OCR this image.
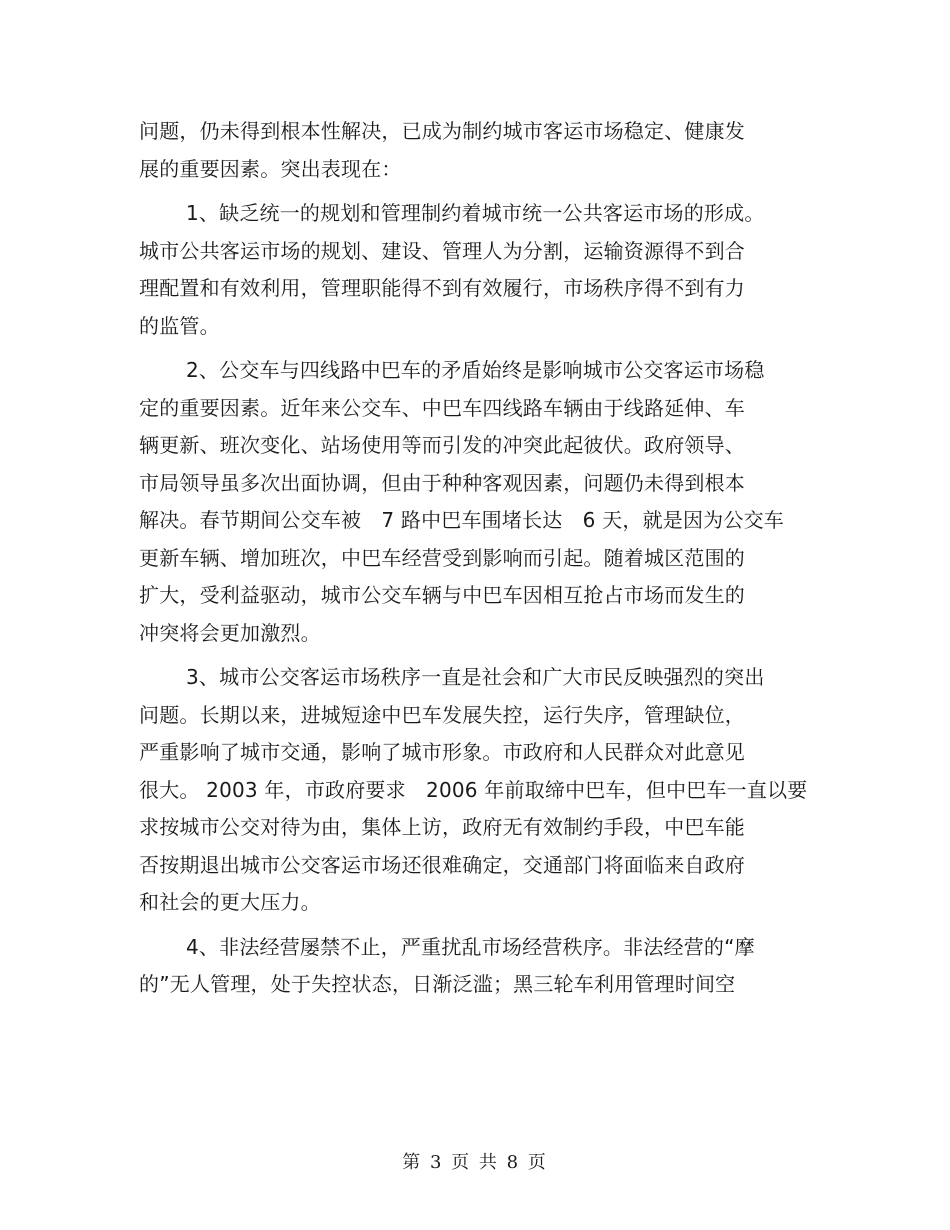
问题，仍未得到根本性解决，已成为制约城市客运市场稳定、健康发
展的重要因素。突出表现在：
1、缺乏统一的规划和管理制约着城市统一公共客运市场的形成。
城市公共客运市场的规划、建设、管理人为分割，运输资源得不到合
理配置和有效利用，管理职能得不到有效履行，市场秩序得不到有力
的监管。
2、公交车与四线路中巴车的矛盾始终是影响城市公交客运市场稳
定的重要因素。近年来公交车、中巴车四线路车辆由于线路延伸、车
辆更新、班次变化、站场使用等而引发的冲突此起彼伏。政府领导、
市局领导虽多次出面协调，但由于种种客观因素，问题仍未得到根本
解决。春节期间公交车被　7 路中巴车围堵长达　6 天，就是因为公交车
更新车辆、增加班次，中巴车经营受到影响而引起。随着城区范围的
扩大，受利益驱动，城市公交车辆与中巴车因相互抢占市场而发生的
冲突将会更加激烈。
3、城市公交客运市场秩序一直是社会和广大市民反映强烈的突出
问题。长期以来，进城短途中巴车发展失控，运行失序，管理缺位，
严重影响了城市交通，影响了城市形象。市政府和人民群众对此意见
很大。 2003 年，市政府要求　2006 年前取缔中巴车，但中巴车一直以要
求按城市公交对待为由，集体上访，政府无有效制约手段，中巴车能
否按期退出城市公交客运市场还很难确定，交通部门将面临来自政府
和社会的更大压力。
4、非法经营屡禁不止，严重扰乱市场经营秩序。非法经营的“摩
的”无人管理，处于失控状态，日渐泛滥；黑三轮车利用管理时间空
第 3 页 共 8 页
